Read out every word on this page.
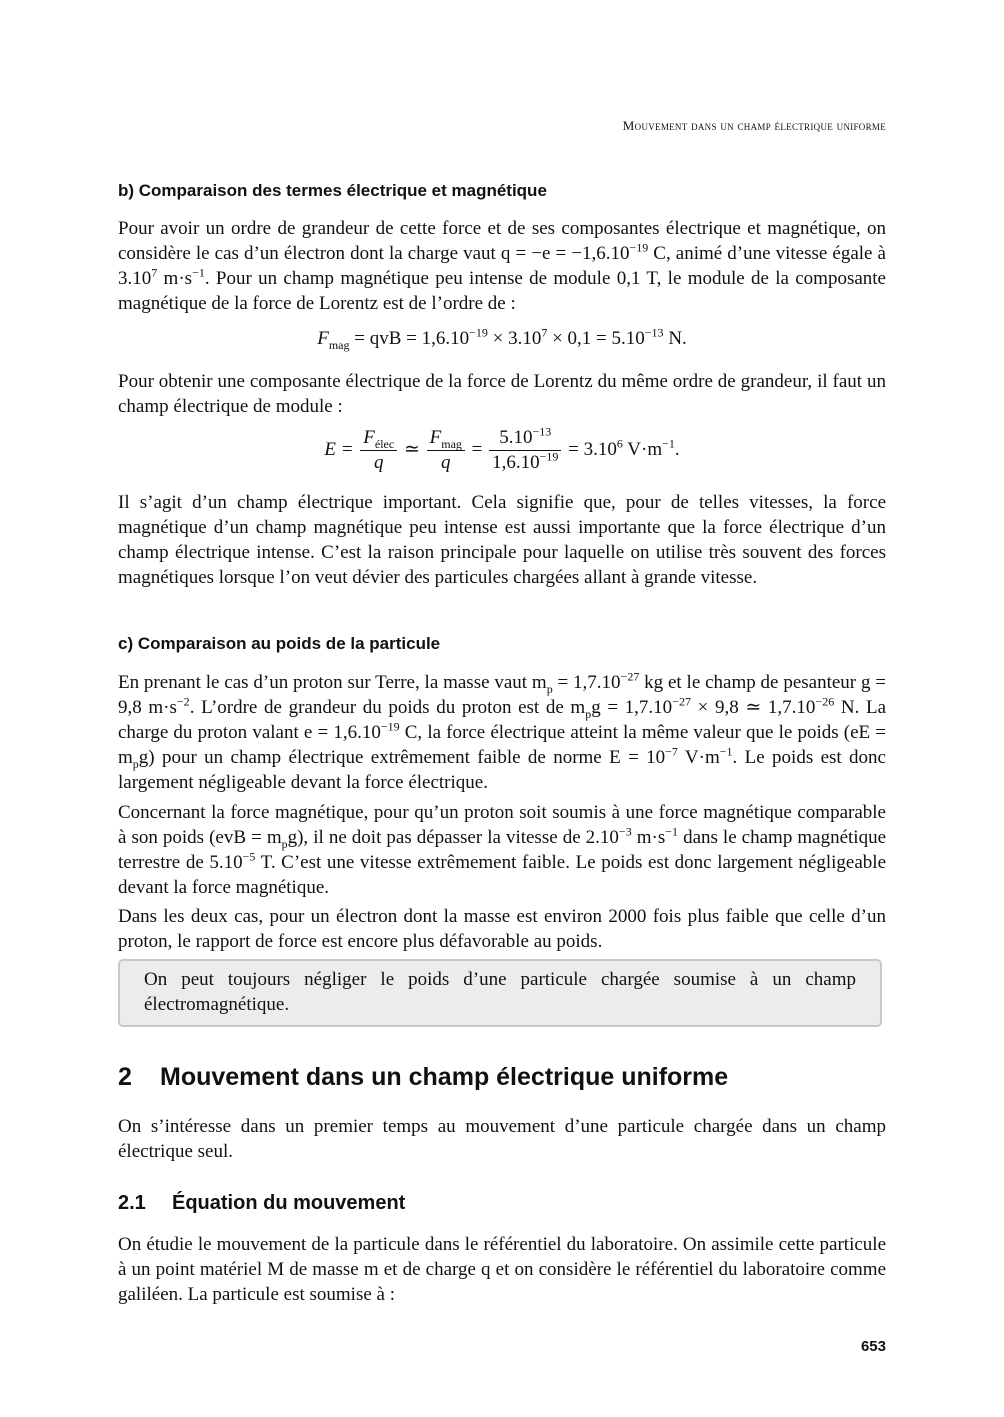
Mouvement dans un champ électrique uniforme
b) Comparaison des termes électrique et magnétique

Pour avoir un ordre de grandeur de cette force et de ses composantes électrique et magnétique, on considère le cas d’un électron dont la charge vaut $q = -e = -1,6.10^{-19}$ C, animé d’une vitesse égale à 3.10$^7$ $m\cdot s^{-1}$. Pour un champ magnétique peu intense de module 0,1 T, le module de la composante magnétique de la force de Lorentz est de l’ordre de :

$F_{mag}$ = qvB = $1,6.10^{-19} \times 3.10^7 \times 0,1 = 5.10^{-13}$ N.

Pour obtenir une composante électrique de la force de Lorentz du même ordre de grandeur, il faut un champ électrique de module :

$E = \frac{F_{élec}}{q}$ ≃ $\frac{F_{mag}}{q} = \frac{5.10^{-13}}{1,6.10^{-19}} = 3.10^6$ $V\cdot m^{-1}$.

Il s’agit d’un champ électrique important. Cela signifie que, pour de telles vitesses, la force magnétique d’un champ magnétique peu intense est aussi importante que la force électrique d’un champ électrique intense. C’est la raison principale pour laquelle on utilise très souvent des forces magnétiques lorsque l’on veut dévier des particules chargées allant à grande vitesse.

c) Comparaison au poids de la particule

En prenant le cas d’un proton sur Terre, la masse vaut $m_p = 1,7.10^{-27}$ kg et le champ de pesanteur g = 9,8 $m\cdot s^{-2}$. L’ordre de grandeur du poids du proton est de $m_pg = 1,7.10^{-27} \times 9,8$ ≃ $1,7.10^{-26}$ N. La charge du proton valant $e = 1,6.10^{-19}$ C, la force électrique atteint la même valeur que le poids $(eE = m_pg)$ pour un champ électrique extrêmement faible de norme $E = 10^{-7}$ $V\cdot m^{-1}$. Le poids est donc largement négligeable devant la force électrique.

Concernant la force magnétique, pour qu’un proton soit soumis à une force magnétique comparable à son poids $(evB = m_pg)$, il ne doit pas dépasser la vitesse de $2.10^{-3}$ $m\cdot s^{-1}$ dans le champ magnétique terrestre de $5.10^{-5}$ T. C’est une vitesse extrêmement faible. Le poids est donc largement négligeable devant la force magnétique.

Dans les deux cas, pour un électron dont la masse est environ 2000 fois plus faible que celle d’un proton, le rapport de force est encore plus défavorable au poids.

On peut toujours négliger le poids d’une particule chargée soumise à un champ électromagnétique.

2 Mouvement dans un champ électrique uniforme

On s’intéresse dans un premier temps au mouvement d’une particule chargée dans un champ électrique seul.

2.1 Équation du mouvement

On étudie le mouvement de la particule dans le référentiel du laboratoire. On assimile cette particule à un point matériel M de masse m et de charge q et on considère le référentiel du laboratoire comme galiléen. La particule est soumise à :

653
